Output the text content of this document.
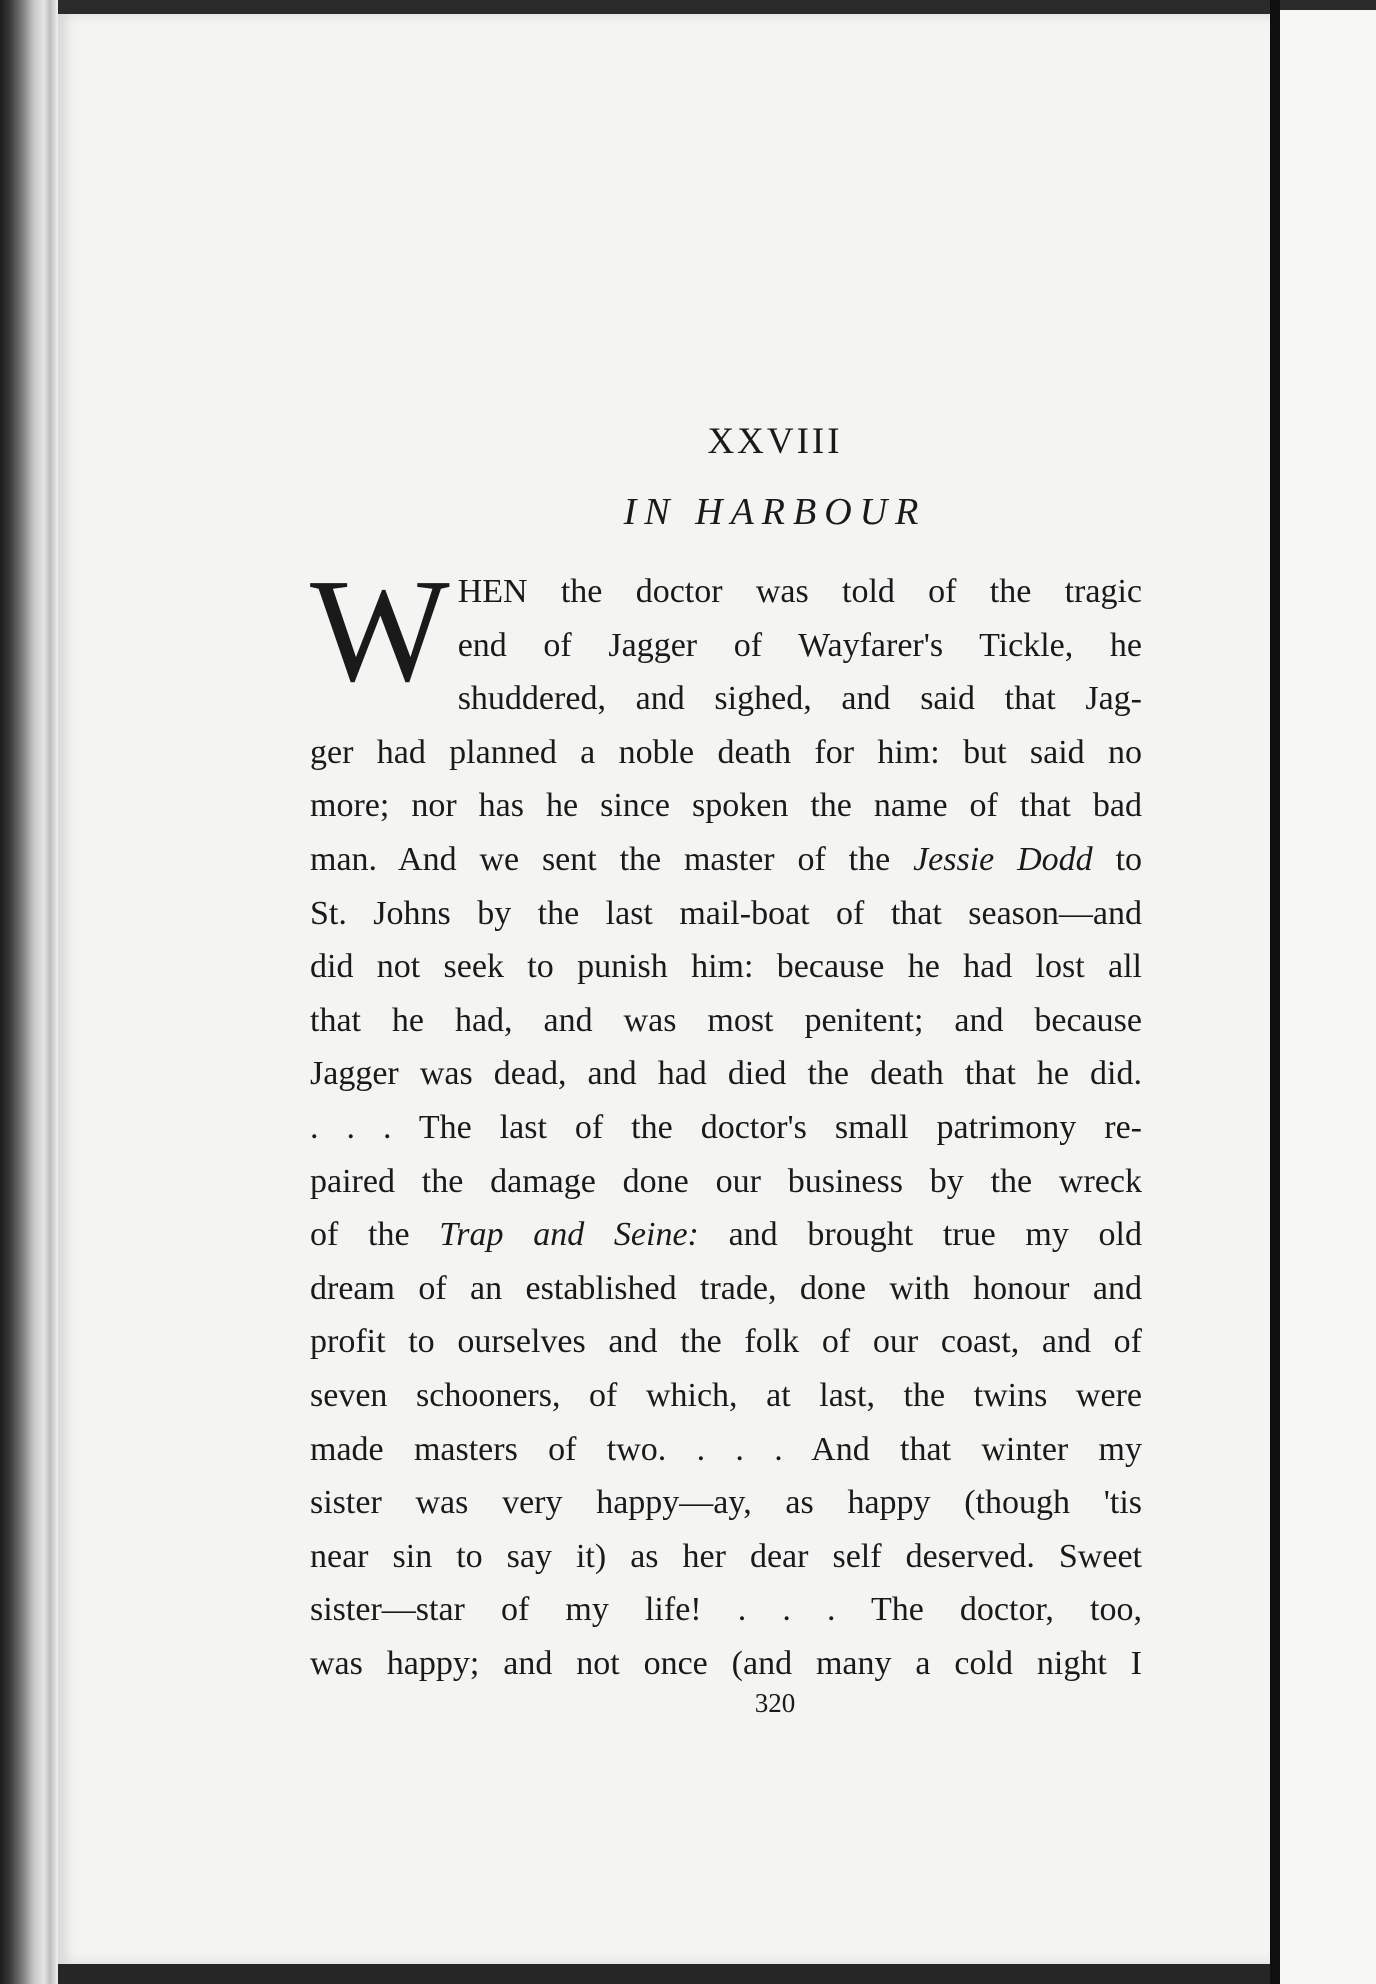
XXVIII
IN HARBOUR
W HEN the doctor was told of the tragic
end of Jagger of Wayfarer's Tickle, he
shuddered, and sighed, and said that Jag-
ger had planned a noble death for him: but said no
more; nor has he since spoken the name of that bad
man. And we sent the master of the Jessie Dodd to
St. Johns by the last mail-boat of that season—and
did not seek to punish him: because he had lost all
that he had, and was most penitent; and because
Jagger was dead, and had died the death that he did.
. . . The last of the doctor's small patrimony re-
paired the damage done our business by the wreck
of the Trap and Seine: and brought true my old
dream of an established trade, done with honour and
profit to ourselves and the folk of our coast, and of
seven schooners, of which, at last, the twins were
made masters of two. . . . And that winter my
sister was very happy—ay, as happy (though 'tis
near sin to say it) as her dear self deserved. Sweet
sister—star of my life! . . . The doctor, too,
was happy; and not once (and many a cold night I
320
